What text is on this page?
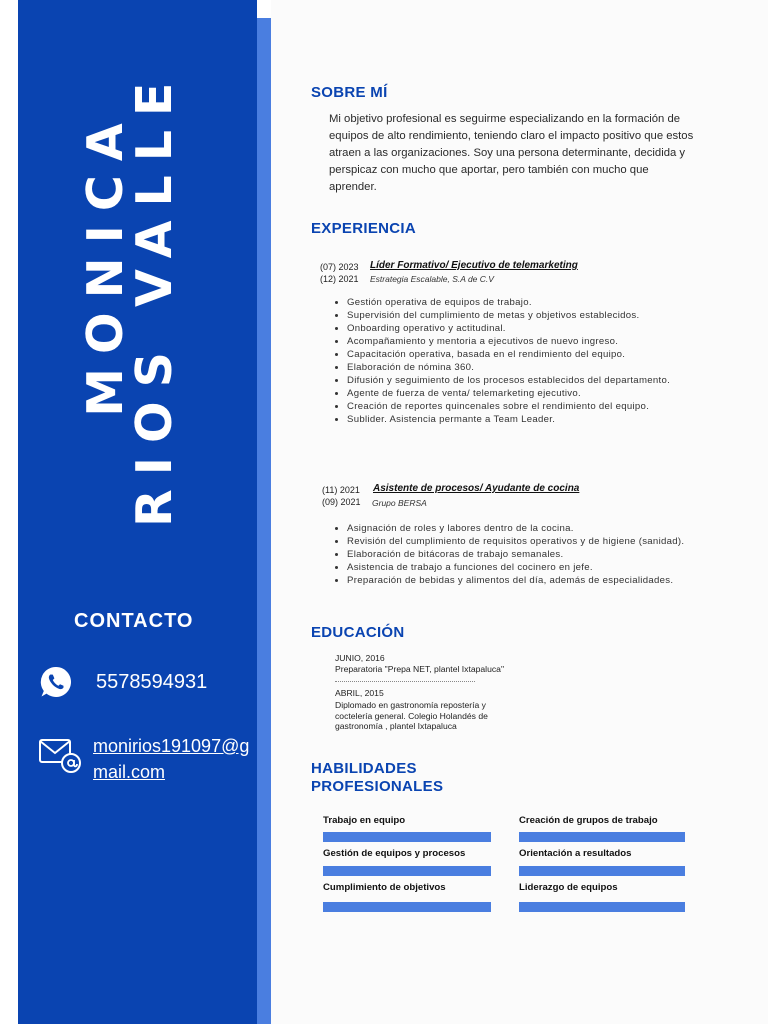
MONICA
RIOS VALLE
CONTACTO
5578594931
monirios191097@gmail.com
SOBRE MÍ
Mi objetivo profesional es seguirme especializando en la formación de equipos de alto rendimiento, teniendo claro el impacto positivo que estos atraen a las organizaciones. Soy una persona determinante, decidida y perspicaz con mucho que aportar, pero también con mucho que aprender.
EXPERIENCIA
(07) 2023
(12) 2021
Líder Formativo/ Ejecutivo de telemarketing
Estrategia Escalable, S.A de C.V
• Gestión operativa de equipos de trabajo.
• Supervisión del cumplimiento de metas y objetivos establecidos.
• Onboarding operativo y actitudinal.
• Acompañamiento y mentoria a ejecutivos de nuevo ingreso.
• Capacitación operativa, basada en el rendimiento del equipo.
• Elaboración de nómina 360.
• Difusión y seguimiento de los procesos establecidos del departamento.
• Agente de fuerza de venta/ telemarketing ejecutivo.
• Creación de reportes quincenales sobre el rendimiento del equipo.
• Sublider. Asistencia permante a Team Leader.
(11) 2021
(09) 2021
Asistente de procesos/ Ayudante de cocina
Grupo BERSA
• Asignación de roles y labores dentro de la cocina.
• Revisión del cumplimiento de requisitos operativos y de higiene (sanidad).
• Elaboración de bitácoras de trabajo semanales.
• Asistencia de trabajo a funciones del cocinero en jefe.
• Preparación de bebidas y alimentos del día, además de especialidades.
EDUCACIÓN
JUNIO, 2016
Preparatoria "Prepa NET, plantel Ixtapaluca"
ABRIL, 2015
Diplomado en gastronomía repostería y coctelería general. Colegio Holandés de gastronomía , plantel Ixtapaluca
HABILIDADES
PROFESIONALES
Trabajo en equipo	Creación de grupos de trabajo
Gestión de equipos y procesos	Orientación a resultados
Cumplimiento de objetivos	Liderazgo de equipos
